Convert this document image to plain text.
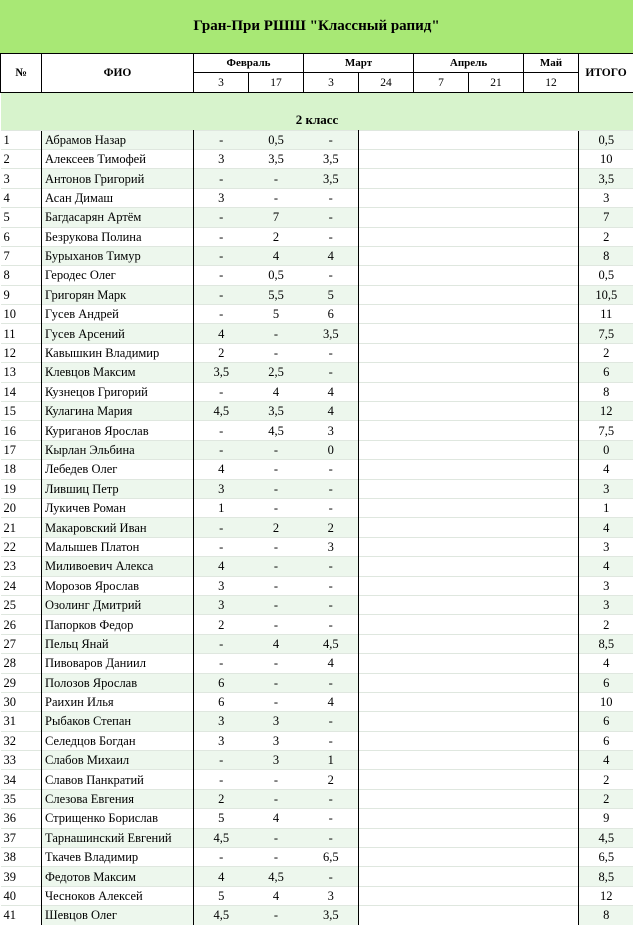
Гран-При РШШ "Классный рапид"
№	ФИО	Февраль		Март		Апрель		Май	ИТОГО
		3	17	3	24	7	21	12	

2 класс									
1	Абрамов Назар	-	0,5	-					0,5
2	Алексеев Тимофей	3	3,5	3,5					10
3	Антонов Григорий	-	-	3,5					3,5
4	Асан Димаш	3	-	-					3
5	Багдасарян Артём	-	7	-					7
6	Безрукова Полина	-	2	-					2
7	Бурыханов Тимур	-	4	4					8
8	Геродес Олег	-	0,5	-					0,5
9	Григорян Марк	-	5,5	5					10,5
10	Гусев Андрей	-	5	6					11
11	Гусев Арсений	4	-	3,5					7,5
12	Кавышкин Владимир	2	-	-					2
13	Клевцов Максим	3,5	2,5	-					6
14	Кузнецов Григорий	-	4	4					8
15	Кулагина Мария	4,5	3,5	4					12
16	Куриганов Ярослав	-	4,5	3					7,5
17	Кырлан Эльбина	-	-	0					0
18	Лебедев Олег	4	-	-					4
19	Лившиц Петр	3	-	-					3
20	Лукичев Роман	1	-	-					1
21	Макаровский Иван	-	2	2					4
22	Малышев Платон	-	-	3					3
23	Миливоевич Алекса	4	-	-					4
24	Морозов Ярослав	3	-	-					3
25	Озолинг Дмитрий	3	-	-					3
26	Папорков Федор	2	-	-					2
27	Пельц Янай	-	4	4,5					8,5
28	Пивоваров Даниил	-	-	4					4
29	Полозов Ярослав	6	-	-					6
30	Раихин Илья	6	-	4					10
31	Рыбаков Степан	3	3	-					6
32	Селедцов Богдан	3	3	-					6
33	Слабов Михаил	-	3	1					4
34	Славов Панкратий	-	-	2					2
35	Слезова Евгения	2	-	-					2
36	Стрищенко Борислав	5	4	-					9
37	Тарнашинский Евгений	4,5	-	-					4,5
38	Ткачев Владимир	-	-	6,5					6,5
39	Федотов Максим	4	4,5	-					8,5
40	Чесноков Алексей	5	4	3					12
41	Шевцов Олег	4,5	-	3,5					8
